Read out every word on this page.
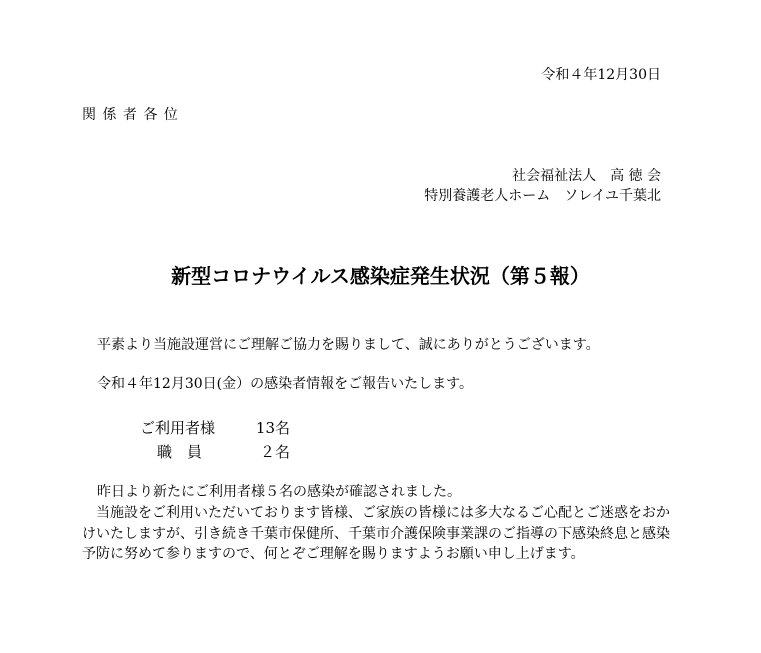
令和４年12月30日
関 係 者 各 位
社会福祉法人　高 徳 会
特別養護老人ホーム　ソレイユ千葉北
新型コロナウイルス感染症発生状況（第５報）
平素より当施設運営にご理解ご協力を賜りまして、誠にありがとうございます。
令和４年12月30日(金）の感染者情報をご報告いたします。
ご利用者様	13名
職　員	２名
昨日より新たにご利用者様５名の感染が確認されました。
　当施設をご利用いただいております皆様、ご家族の皆様には多大なるご心配とご迷惑をおかけいたしますが、引き続き千葉市保健所、千葉市介護保険事業課のご指導の下感染終息と感染予防に努めて参りますので、何とぞご理解を賜りますようお願い申し上げます。
